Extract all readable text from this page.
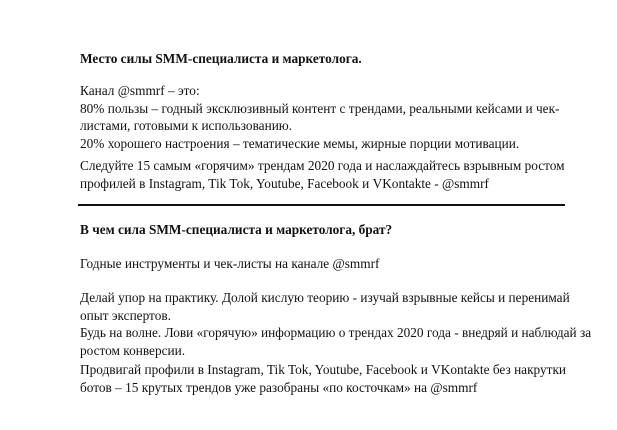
Место силы SMM-специалиста и маркетолога.

Канал @smmrf – это:
80% пользы – годный эксклюзивный контент с трендами, реальными кейсами и чек-
листами, готовыми к использованию.
20% хорошего настроения – тематические мемы, жирные порции мотивации.
Следуйте 15 самым «горячим» трендам 2020 года и наслаждайтесь взрывным ростом
профилей в Instagram, Tik Tok, Youtube, Facebook и VKontakte - @smmrf

В чем сила SMM-специалиста и маркетолога, брат?

Годные инструменты и чек-листы на канале @smmrf

Делай упор на практику. Долой кислую теорию - изучай взрывные кейсы и перенимай
опыт экспертов.
Будь на волне. Лови «горячую» информацию о трендах 2020 года - внедряй и наблюдай за
ростом конверсии.
Продвигай профили в Instagram, Tik Tok, Youtube, Facebook и VKontakte без накрутки
ботов – 15 крутых трендов уже разобраны «по косточкам» на @smmrf
